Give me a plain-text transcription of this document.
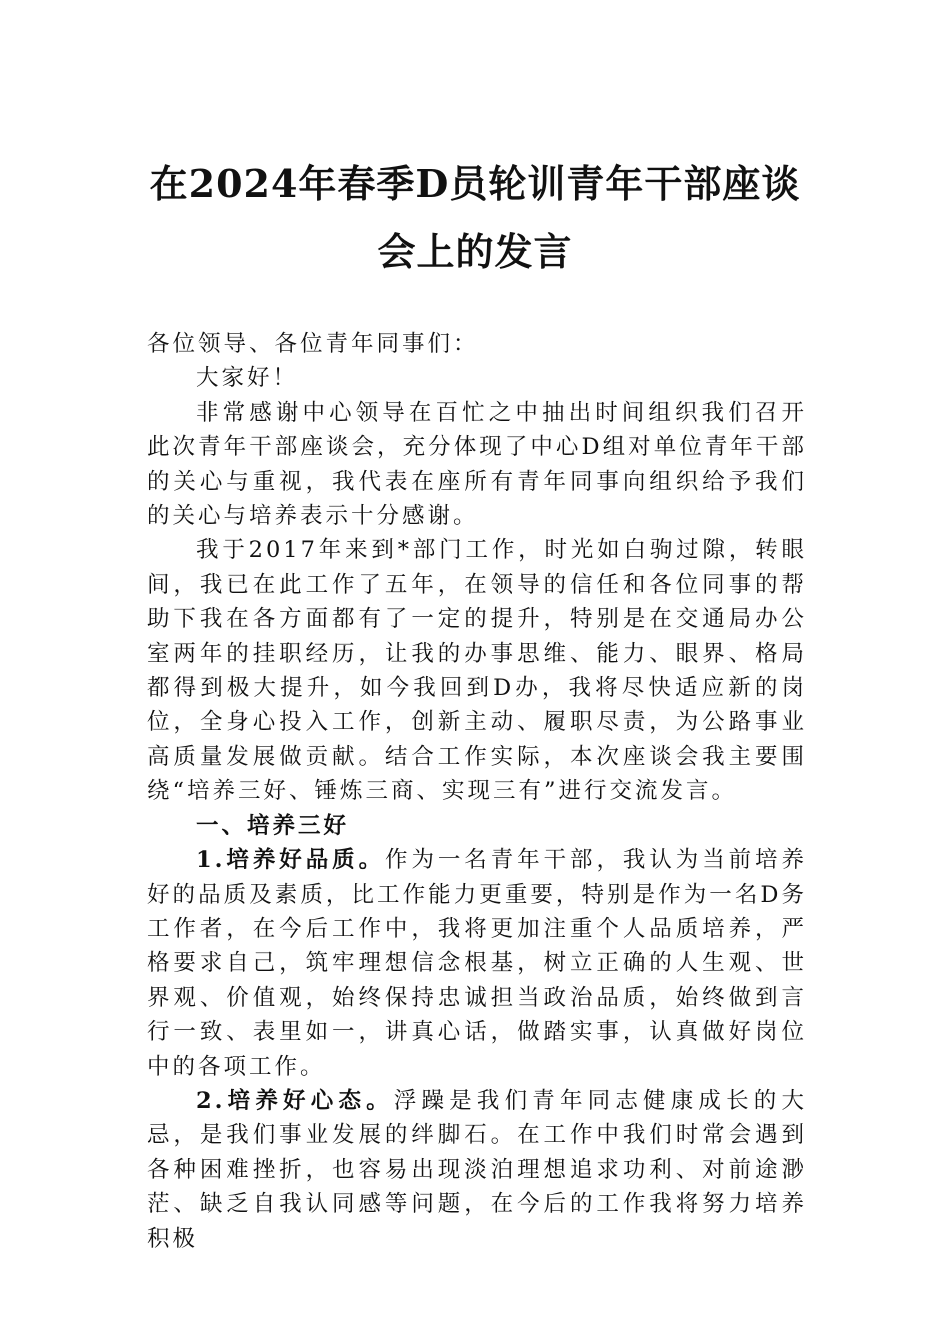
在2024年春季D员轮训青年干部座谈会上的发言

各位领导、各位青年同事们：

大家好！

非常感谢中心领导在百忙之中抽出时间组织我们召开此次青年干部座谈会，充分体现了中心D组对单位青年干部的关心与重视，我代表在座所有青年同事向组织给予我们的关心与培养表示十分感谢。

我于2017年来到*部门工作，时光如白驹过隙，转眼间，我已在此工作了五年，在领导的信任和各位同事的帮助下我在各方面都有了一定的提升，特别是在交通局办公室两年的挂职经历，让我的办事思维、能力、眼界、格局都得到极大提升，如今我回到D办，我将尽快适应新的岗位，全身心投入工作，创新主动、履职尽责，为公路事业高质量发展做贡献。结合工作实际，本次座谈会我主要围绕“培养三好、锤炼三商、实现三有”进行交流发言。

一、培养三好

1.培养好品质。作为一名青年干部，我认为当前培养好的品质及素质，比工作能力更重要，特别是作为一名D务工作者，在今后工作中，我将更加注重个人品质培养，严格要求自己，筑牢理想信念根基，树立正确的人生观、世界观、价值观，始终保持忠诚担当政治品质，始终做到言行一致、表里如一，讲真心话，做踏实事，认真做好岗位中的各项工作。

2.培养好心态。浮躁是我们青年同志健康成长的大忌，是我们事业发展的绊脚石。在工作中我们时常会遇到各种困难挫折，也容易出现淡泊理想追求功利、对前途渺茫、缺乏自我认同感等问题，在今后的工作我将努力培养积极
